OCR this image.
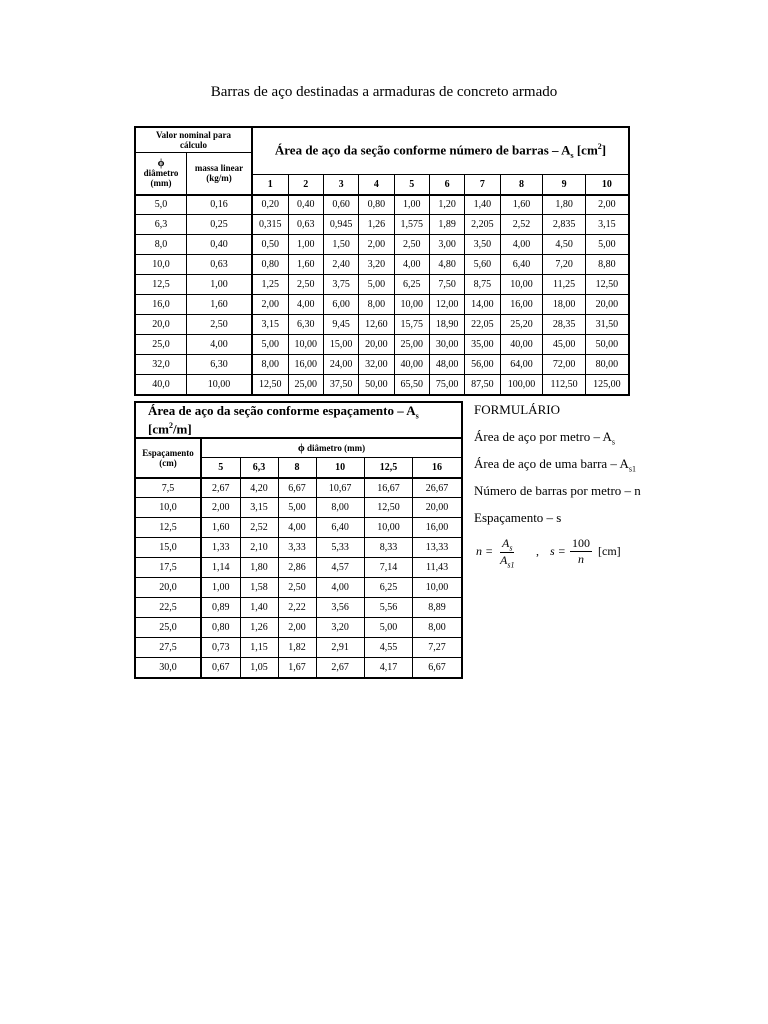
Barras de aço destinadas a armaduras de concreto armado
Valor nominal para cálculo		Área de aço da seção conforme número de barras – $A_s$ $[cm^2]$									

ϕ
diâmetro (mm)	massa linear (kg/m)										
		1	2	3	4	5	6	7	8	9	10
5,0	0,16	0,20	0,40	0,60	0,80	1,00	1,20	1,40	1,60	1,80	2,00
6,3	0,25	0,315	0,63	0,945	1,26	1,575	1,89	2,205	2,52	2,835	3,15
8,0	0,40	0,50	1,00	1,50	2,00	2,50	3,00	3,50	4,00	4,50	5,00
10,0	0,63	0,80	1,60	2,40	3,20	4,00	4,80	5,60	6,40	7,20	8,80
12,5	1,00	1,25	2,50	3,75	5,00	6,25	7,50	8,75	10,00	11,25	12,50
16,0	1,60	2,00	4,00	6,00	8,00	10,00	12,00	14,00	16,00	18,00	20,00
20,0	2,50	3,15	6,30	9,45	12,60	15,75	18,90	22,05	25,20	28,35	31,50
25,0	4,00	5,00	10,00	15,00	20,00	25,00	30,00	35,00	40,00	45,00	50,00
32,0	6,30	8,00	16,00	24,00	32,00	40,00	48,00	56,00	64,00	72,00	80,00
40,0	10,00	12,50	25,00	37,50	50,00	65,50	75,00	87,50	100,00	112,50	125,00
Área de aço da seção conforme espaçamento – $A_s$ $[cm^2/m]$						
Espaçamento (cm)	ϕ diâmetro (mm)					
	5	6,3	8	10	12,5	16
7,5	2,67	4,20	6,67	10,67	16,67	26,67
10,0	2,00	3,15	5,00	8,00	12,50	20,00
12,5	1,60	2,52	4,00	6,40	10,00	16,00
15,0	1,33	2,10	3,33	5,33	8,33	13,33
17,5	1,14	1,80	2,86	4,57	7,14	11,43
20,0	1,00	1,58	2,50	4,00	6,25	10,00
22,5	0,89	1,40	2,22	3,56	5,56	8,89
25,0	0,80	1,26	2,00	3,20	5,00	8,00
27,5	0,73	1,15	1,82	2,91	4,55	7,27
30,0	0,67	1,05	1,67	2,67	4,17	6,67
FORMULÁRIO
Área de aço por metro – $A_s$
Área de aço de uma barra – $A_{s1}$
Número de barras por metro – n
Espaçamento – s
$n = \frac{A_s}{A_{s1}}$ , $s = \frac{100}{n} [cm]$
